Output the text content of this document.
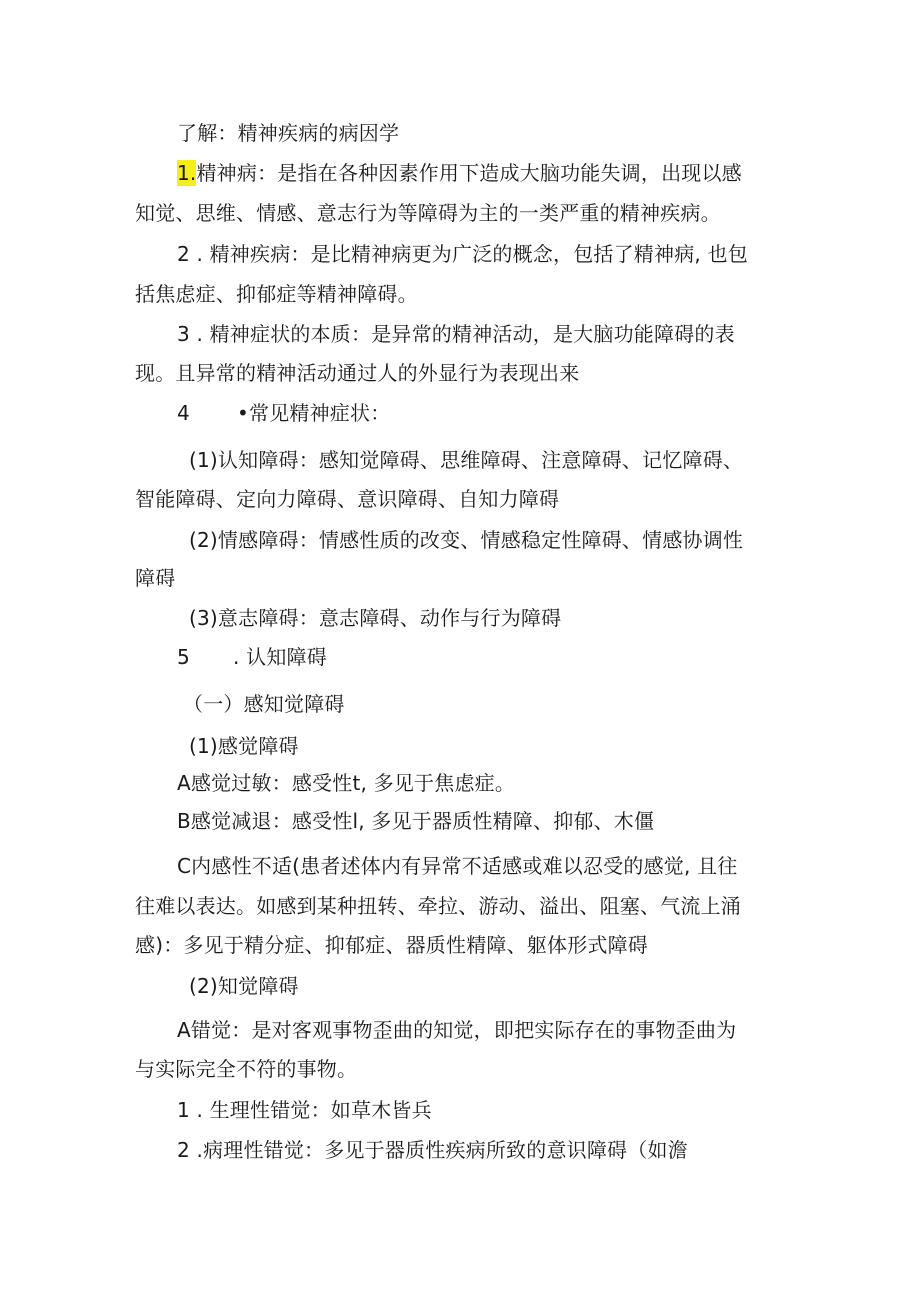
了解：精神疾病的病因学
1.精神病：是指在各种因素作用下造成大脑功能失调，出现以感
知觉、思维、情感、意志行为等障碍为主的一类严重的精神疾病。
2 . 精神疾病：是比精神病更为广泛的概念，包括了精神病, 也包
括焦虑症、抑郁症等精神障碍。
3 . 精神症状的本质：是异常的精神活动，是大脑功能障碍的表
现。且异常的精神活动通过人的外显行为表现出来
4 •常见精神症状：
(1)认知障碍：感知觉障碍、思维障碍、注意障碍、记忆障碍、
智能障碍、定向力障碍、意识障碍、自知力障碍
(2)情感障碍：情感性质的改变、情感稳定性障碍、情感协调性
障碍
(3)意志障碍：意志障碍、动作与行为障碍
5 . 认知障碍
（一）感知觉障碍
(1)感觉障碍
A感觉过敏：感受性t, 多见于焦虑症。
B感觉减退：感受性l, 多见于器质性精障、抑郁、木僵
C内感性不适(患者述体内有异常不适感或难以忍受的感觉, 且往
往难以表达。如感到某种扭转、牵拉、游动、溢出、阻塞、气流上涌
感)：多见于精分症、抑郁症、器质性精障、躯体形式障碍
(2)知觉障碍
A错觉：是对客观事物歪曲的知觉，即把实际存在的事物歪曲为
与实际完全不符的事物。
1 . 生理性错觉：如草木皆兵
2 .病理性错觉：多见于器质性疾病所致的意识障碍（如澹
